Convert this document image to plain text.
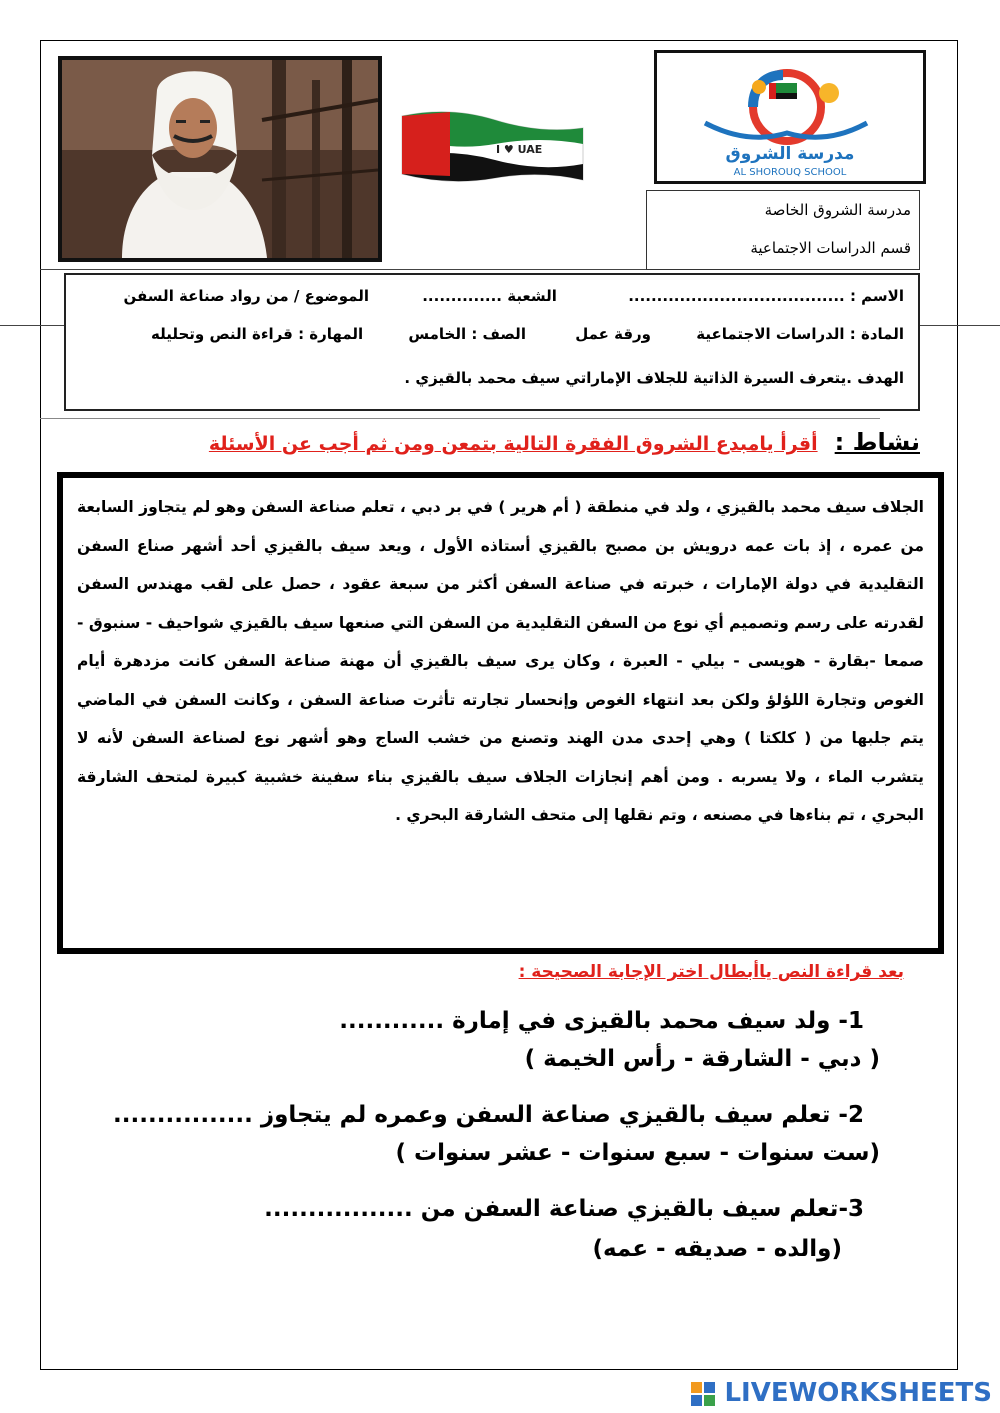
I ♥ UAE	مدرسة الشروق
AL SHOROUQ SCHOOL
مدرسة الشروق الخاصة
قسم الدراسات الاجتماعية
الاسم : ...................................... الشعبة .............. الموضوع / من رواد صناعة السفن
المادة : الدراسات الاجتماعية ورقة عمل الصف : الخامس المهارة : قراءة النص وتحليله
الهدف .يتعرف السيرة الذاتية للجلاف الإماراتي سيف محمد بالقيزي .
نشاط : أقرأ يامبدع الشروق الفقرة التالية بتمعن ومن ثم أجب عن الأسئلة
الجلاف سيف محمد بالقيزي ، ولد في منطقة ( أم هرير ) في بر دبي ، تعلم صناعة السفن وهو لم يتجاوز السابعة من عمره ، إذ بات عمه درويش بن مصبح بالقيزي أستاذه الأول ، ويعد سيف بالقيزي أحد أشهر صناع السفن التقليدية في دولة الإمارات ، خبرته في صناعة السفن أكثر من سبعة عقود ، حصل على لقب مهندس السفن لقدرته على رسم وتصميم أي نوع من السفن التقليدية من السفن التي صنعها سيف بالقيزي شواحيف - سنبوق - صمعا -بقارة - هويسى - بيلي - العبرة ، وكان يرى سيف بالقيزي أن مهنة صناعة السفن كانت مزدهرة أيام الغوص وتجارة اللؤلؤ ولكن بعد انتهاء الغوص وإنحسار تجارته تأثرت صناعة السفن ، وكانت السفن في الماضي يتم جلبها من ( كلكتا ) وهي إحدى مدن الهند وتصنع من خشب الساج وهو أشهر نوع لصناعة السفن لأنه لا يتشرب الماء ، ولا يسربه . ومن أهم إنجازات الجلاف سيف بالقيزي بناء سفينة خشبية كبيرة لمتحف الشارقة البحري ، تم بناءها في مصنعه ، وتم نقلها إلى متحف الشارقة البحري .
بعد قراءة النص ياأبطال اختر الإجابة الصحيحة :
1- ولد سيف محمد بالقيزى في إمارة ............
( دبي - الشارقة - رأس الخيمة )
2- تعلم سيف بالقيزي صناعة السفن وعمره لم يتجاوز ................
(ست سنوات - سبع سنوات - عشر سنوات )
3-تعلم سيف بالقيزي صناعة السفن من .................
(والده - صديقه - عمه)
LIVEWORKSHEETS
